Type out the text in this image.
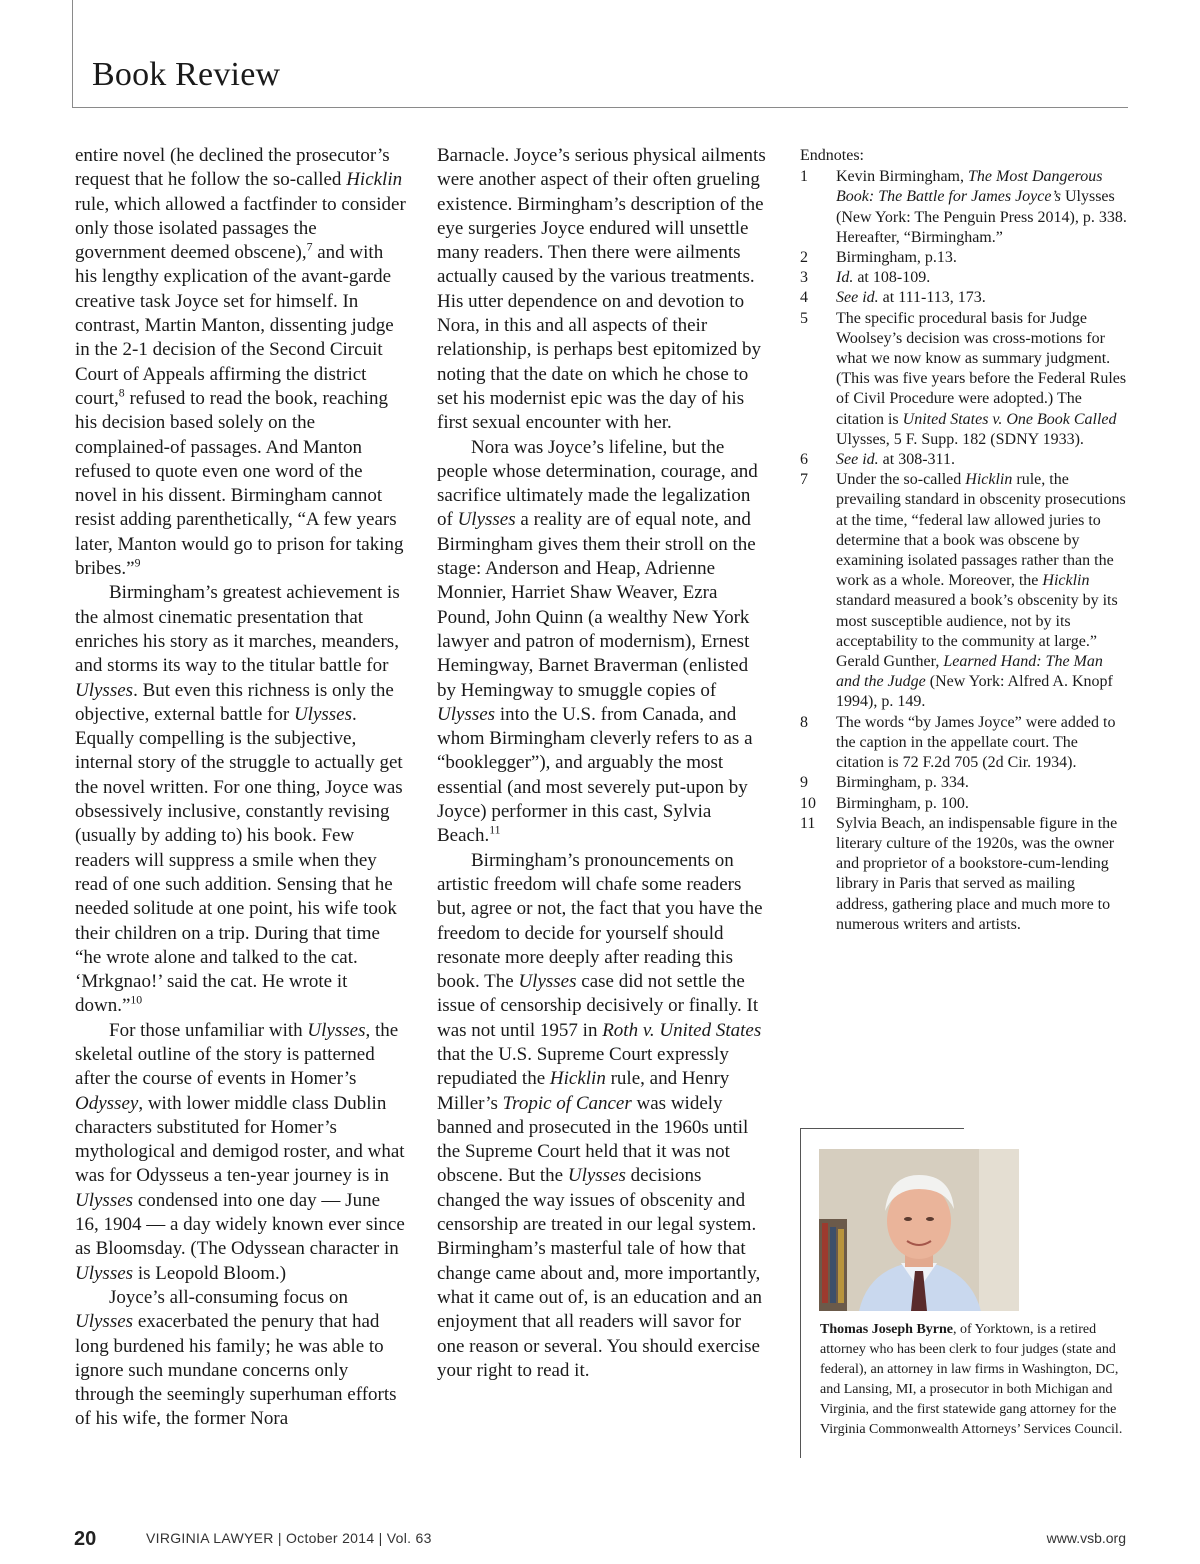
Book Review

entire novel (he declined the prosecutor’s request that he follow the so-called Hicklin rule, which allowed a factfinder to consider only those isolated passages the government deemed obscene),$^7$ and with his lengthy explication of the avant-garde creative task Joyce set for himself. In contrast, Martin Manton, dissenting judge in the 2-1 decision of the Second Circuit Court of Appeals affirming the district court,$^8$ refused to read the book, reaching his decision based solely on the complained-of passages. And Manton refused to quote even one word of the novel in his dissent. Birmingham cannot resist adding parenthetically, “A few years later, Manton would go to prison for taking bribes.”$^9$

Birmingham’s greatest achievement is the almost cinematic presentation that enriches his story as it marches, meanders, and storms its way to the titular battle for Ulysses. But even this richness is only the objective, external battle for Ulysses. Equally compelling is the subjective, internal story of the struggle to actually get the novel written. For one thing, Joyce was obsessively inclusive, constantly revising (usually by adding to) his book. Few readers will suppress a smile when they read of one such addition. Sensing that he needed solitude at one point, his wife took their children on a trip. During that time “he wrote alone and talked to the cat. ‘Mrkgnao!’ said the cat. He wrote it down.”$^{10}$

For those unfamiliar with Ulysses, the skeletal outline of the story is patterned after the course of events in Homer’s Odyssey, with lower middle class Dublin characters substituted for Homer’s mythological and demigod roster, and what was for Odysseus a ten-year journey is in Ulysses condensed into one day — June 16, 1904 — a day widely known ever since as Bloomsday. (The Odyssean character in Ulysses is Leopold Bloom.)

Joyce’s all-consuming focus on Ulysses exacerbated the penury that had long burdened his family; he was able to ignore such mundane concerns only through the seemingly superhuman efforts of his wife, the former Nora

Barnacle. Joyce’s serious physical ailments were another aspect of their often grueling existence. Birmingham’s description of the eye surgeries Joyce endured will unsettle many readers. Then there were ailments actually caused by the various treatments. His utter dependence on and devotion to Nora, in this and all aspects of their relationship, is perhaps best epitomized by noting that the date on which he chose to set his modernist epic was the day of his first sexual encounter with her.

Nora was Joyce’s lifeline, but the people whose determination, courage, and sacrifice ultimately made the legalization of Ulysses a reality are of equal note, and Birmingham gives them their stroll on the stage: Anderson and Heap, Adrienne Monnier, Harriet Shaw Weaver, Ezra Pound, John Quinn (a wealthy New York lawyer and patron of modernism), Ernest Hemingway, Barnet Braverman (enlisted by Hemingway to smuggle copies of Ulysses into the U.S. from Canada, and whom Birmingham cleverly refers to as a “booklegger”), and arguably the most essential (and most severely put-upon by Joyce) performer in this cast, Sylvia Beach.$^{11}$

Birmingham’s pronouncements on artistic freedom will chafe some readers but, agree or not, the fact that you have the freedom to decide for yourself should resonate more deeply after reading this book. The Ulysses case did not settle the issue of censorship decisively or finally. It was not until 1957 in Roth v. United States that the U.S. Supreme Court expressly repudiated the Hicklin rule, and Henry Miller’s Tropic of Cancer was widely banned and prosecuted in the 1960s until the Supreme Court held that it was not obscene. But the Ulysses decisions changed the way issues of obscenity and censorship are treated in our legal system. Birmingham’s masterful tale of how that change came about and, more importantly, what it came out of, is an education and an enjoyment that all readers will savor for one reason or several. You should exercise your right to read it.

Endnotes:
1	Kevin Birmingham, The Most Dangerous Book: The Battle for James Joyce’s Ulysses (New York: The Penguin Press 2014), p. 338. Hereafter, “Birmingham.”
2	Birmingham, p.13.
3	Id. at 108-109.
4	See id. at 111-113, 173.
5	The specific procedural basis for Judge Woolsey’s decision was cross-motions for what we now know as summary judgment. (This was five years before the Federal Rules of Civil Procedure were adopted.) The citation is United States v. One Book Called Ulysses, 5 F. Supp. 182 (SDNY 1933).
6	See id. at 308-311.
7	Under the so-called Hicklin rule, the prevailing standard in obscenity prosecutions at the time, “federal law allowed juries to determine that a book was obscene by examining isolated passages rather than the work as a whole. Moreover, the Hicklin standard measured a book’s obscenity by its most susceptible audience, not by its acceptability to the community at large.” Gerald Gunther, Learned Hand: The Man and the Judge (New York: Alfred A. Knopf 1994), p. 149.
8	The words “by James Joyce” were added to the caption in the appellate court. The citation is 72 F.2d 705 (2d Cir. 1934).
9	Birmingham, p. 334.
10	Birmingham, p. 100.
11	Sylvia Beach, an indispensable figure in the literary culture of the 1920s, was the owner and proprietor of a bookstore-cum-lending library in Paris that served as mailing address, gathering place and much more to numerous writers and artists.
Thomas Joseph Byrne, of Yorktown, is a retired attorney who has been clerk to four judges (state and federal), an attorney in law firms in Washington, DC, and Lansing, MI, a prosecutor in both Michigan and Virginia, and the first statewide gang attorney for the Virginia Commonwealth Attorneys’ Services Council.
20	VIRGINIA LAWYER | October 2014 | Vol. 63	www.vsb.org
